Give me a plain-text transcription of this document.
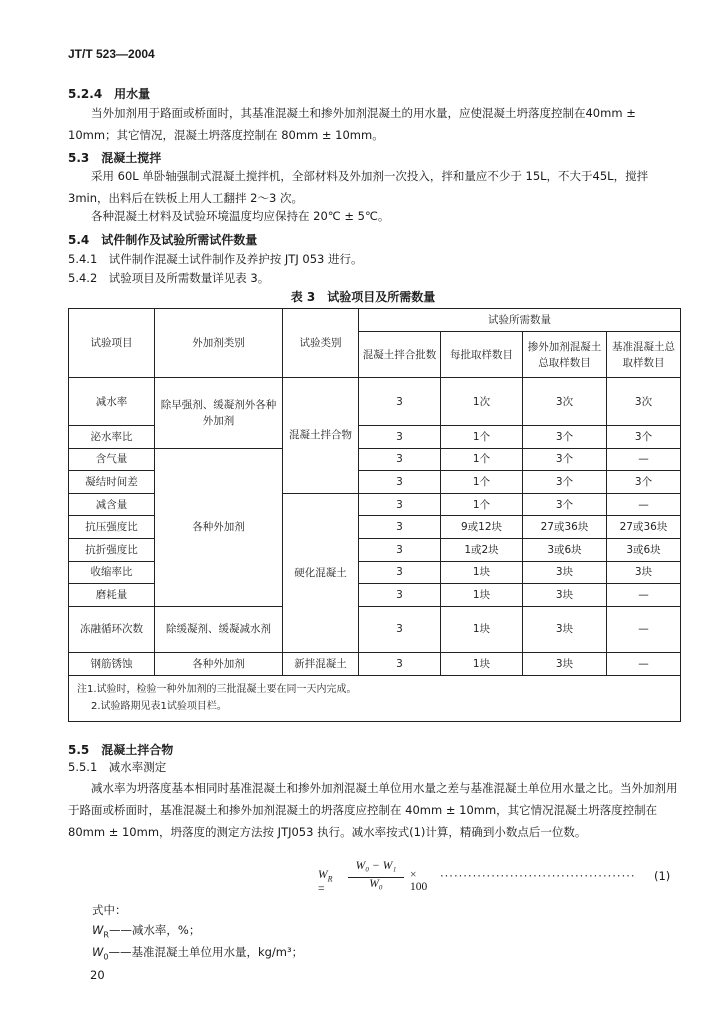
JT/T 523—2004
5.2.4　用水量
当外加剂用于路面或桥面时，其基准混凝土和掺外加剂混凝土的用水量，应使混凝土坍落度控制在40mm ± 10mm；其它情况，混凝土坍落度控制在 80mm ± 10mm。
5.3　混凝土搅拌
采用 60L 单卧轴强制式混凝土搅拌机，全部材料及外加剂一次投入，拌和量应不少于 15L，不大于45L，搅拌 3min，出料后在铁板上用人工翻拌 2～3 次。
各种混凝土材料及试验环境温度均应保持在 20℃ ± 5℃。
5.4　试件制作及试验所需试件数量
5.4.1　试件制作混凝土试件制作及养护按 JTJ 053 进行。
5.4.2　试验项目及所需数量详见表 3。
表 3　试验项目及所需数量
试验项目	外加剂类别	试验类别	试验所需数量			
			混凝土拌合批数	每批取样数目	掺外加剂混凝土总取样数目	基准混凝土总取样数目
减水率	除早强剂、缓凝剂外各种外加剂	混凝土拌合物	3	1次	3次	3次
泌水率比			3	1个	3个	3个
含气量	各种外加剂		3	1个	3个	—
凝结时间差			3	1个	3个	3个
减含量		硬化混凝土	3	1个	3个	—
抗压强度比			3	9或12块	27或36块	27或36块
抗折强度比			3	1或2块	3或6块	3或6块
收缩率比			3	1块	3块	3块
磨耗量			3	1块	3块	—
冻融循环次数	除缓凝剂、缓凝减水剂		3	1块	3块	—
钢筋锈蚀	各种外加剂	新拌混凝土	3	1块	3块	—

注1.试验时，检验一种外加剂的三批混凝土要在同一天内完成。
2.试验路期见表1试验项目栏。						
5.5　混凝土拌合物
5.5.1　减水率测定
减水率为坍落度基本相同时基准混凝土和掺外加剂混凝土单位用水量之差与基准混凝土单位用水量之比。当外加剂用于路面或桥面时，基准混凝土和掺外加剂混凝土的坍落度应控制在 40mm ± 10mm，其它情况混凝土坍落度控制在 80mm ± 10mm，坍落度的测定方法按 JTJ053 执行。减水率按式(1)计算，精确到小数点后一位数。
$W_R$ =
W₀ − W₁
W₀
× 100
·········································· (1)
式中：
$W_R——$减水率，%；
$W_0——$基准混凝土单位用水量，kg/m³；
20
